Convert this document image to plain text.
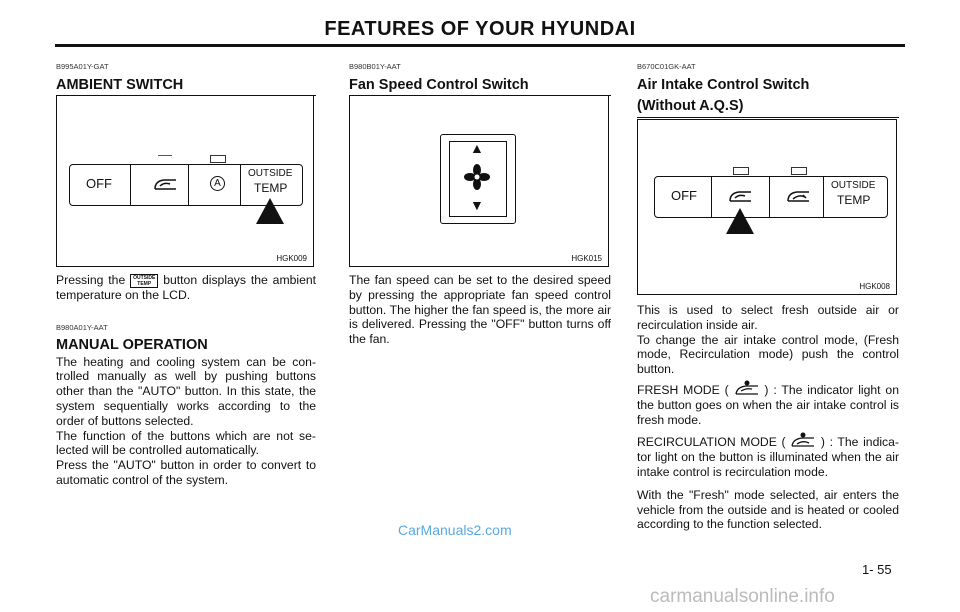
FEATURES OF YOUR HYUNDAI
B995A01Y-GAT
AMBIENT SWITCH
OFF	A
OUTSIDE
TEMP
HGK009

Pressing the OUTSIDE
TEMP button displays the ambient temperature on the LCD.

B980A01Y-AAT
MANUAL OPERATION

The heating and cooling system can be con-trolled manually as well by pushing buttons other than the "AUTO" button. In this state, the system sequentially works according to the order of buttons selected.

The function of the buttons which are not se-lected will be controlled automatically.

Press the "AUTO" button in order to convert to automatic control of the system.

B980B01Y-AAT
Fan Speed Control Switch
▲
▼
HGK015

The fan speed can be set to the desired speed by pressing the appropriate fan speed control button. The higher the fan speed is, the more air is delivered. Pressing the "OFF" button turns off the fan.

B670C01GK-AAT
Air Intake Control Switch
(Without A.Q.S)
OFF
OUTSIDE
TEMP
HGK008

This is used to select fresh outside air or recirculation inside air.

To change the air intake control mode, (Fresh mode, Recirculation mode) push the control button.

FRESH MODE (	) : The indicator light on the button goes on when the air intake control is fresh mode.

RECIRCULATION MODE (	) : The indica-tor light on the button is illuminated when the air intake control is recirculation mode.

With the "Fresh" mode selected, air enters the vehicle from the outside and is heated or cooled according to the function selected.

CarManuals2.com
1- 55
carmanualsonline.info
